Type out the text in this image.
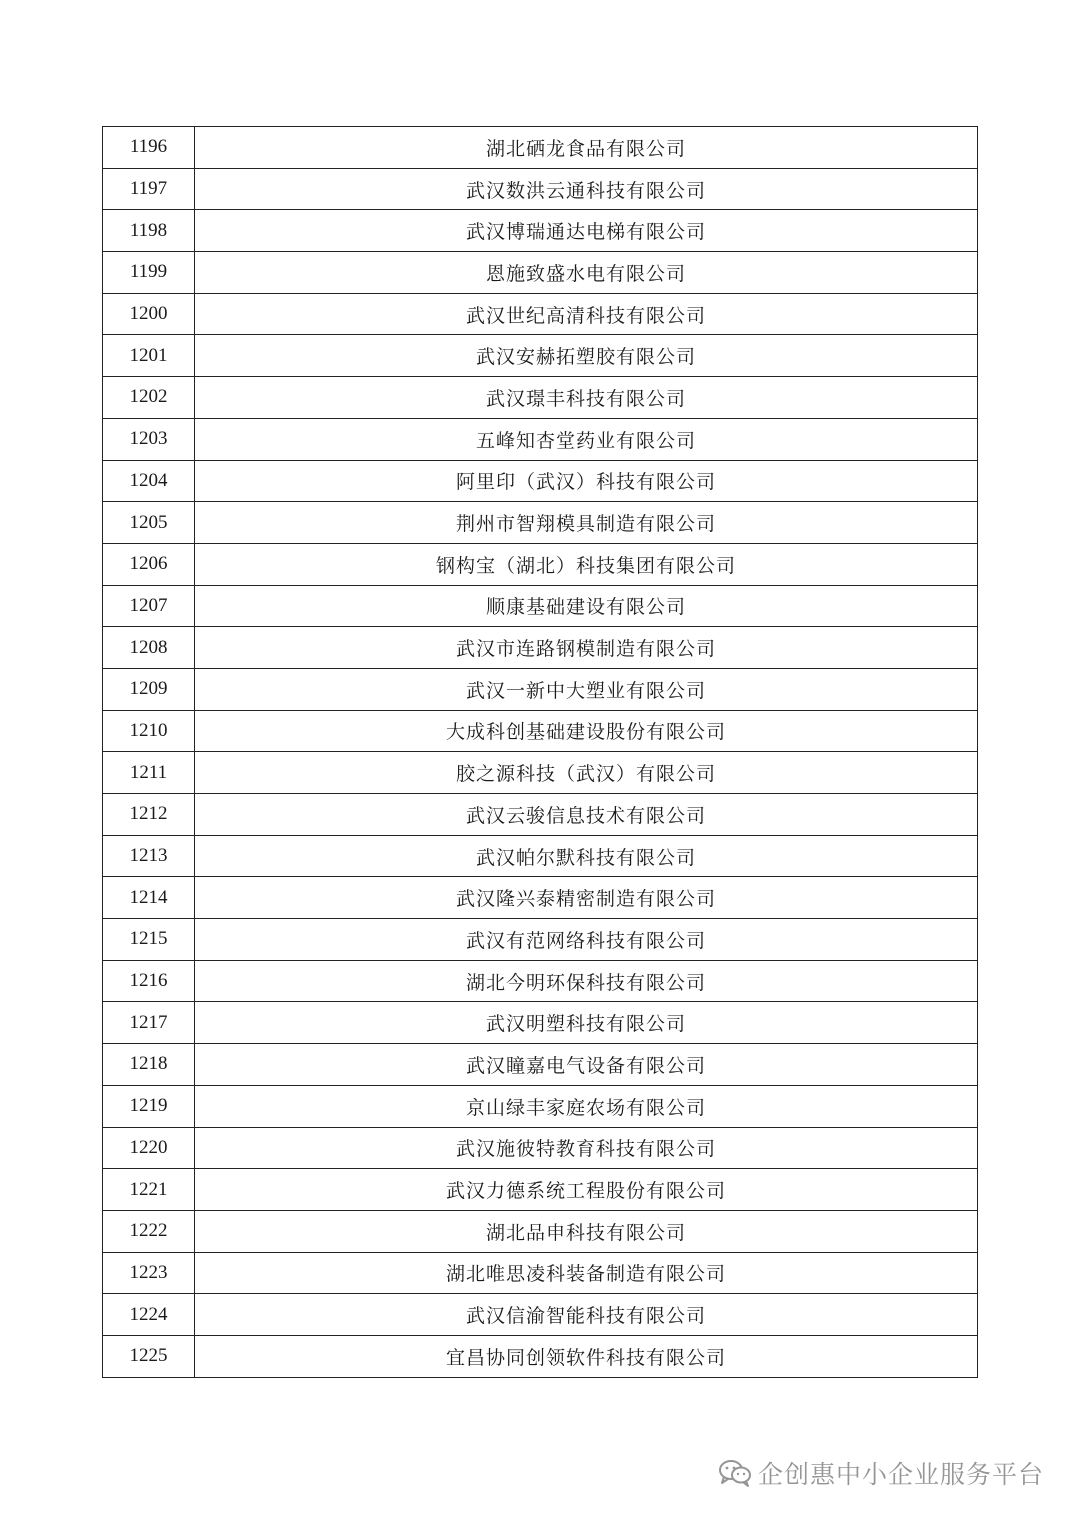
1196	湖北硒龙食品有限公司
1197	武汉数洪云通科技有限公司
1198	武汉博瑞通达电梯有限公司
1199	恩施致盛水电有限公司
1200	武汉世纪高清科技有限公司
1201	武汉安赫拓塑胶有限公司
1202	武汉璟丰科技有限公司
1203	五峰知杏堂药业有限公司
1204	阿里印（武汉）科技有限公司
1205	荆州市智翔模具制造有限公司
1206	钢构宝（湖北）科技集团有限公司
1207	顺康基础建设有限公司
1208	武汉市连路钢模制造有限公司
1209	武汉一新中大塑业有限公司
1210	大成科创基础建设股份有限公司
1211	胶之源科技（武汉）有限公司
1212	武汉云骏信息技术有限公司
1213	武汉帕尔默科技有限公司
1214	武汉隆兴泰精密制造有限公司
1215	武汉有范网络科技有限公司
1216	湖北今明环保科技有限公司
1217	武汉明塑科技有限公司
1218	武汉瞳嘉电气设备有限公司
1219	京山绿丰家庭农场有限公司
1220	武汉施彼特教育科技有限公司
1221	武汉力德系统工程股份有限公司
1222	湖北品申科技有限公司
1223	湖北唯思凌科装备制造有限公司
1224	武汉信渝智能科技有限公司
1225	宜昌协同创领软件科技有限公司
企创惠中小企业服务平台
